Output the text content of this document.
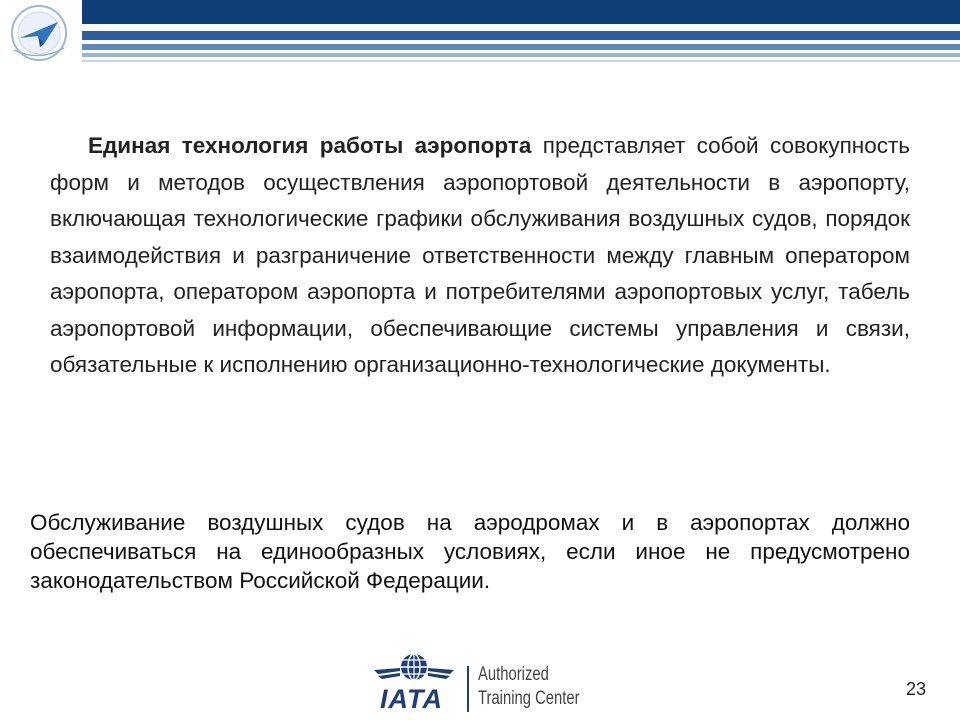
Единая технология работы аэропорта представляет собой совокупность форм и методов осуществления аэропортовой деятельности в аэропорту, включающая технологические графики обслуживания воздушных судов, порядок взаимодействия и разграничение ответственности между главным оператором аэропорта, оператором аэропорта и потребителями аэропортовых услуг, табель аэропортовой информации, обеспечивающие системы управления и связи, обязательные к исполнению организационно-технологические документы.

Обслуживание воздушных судов на аэродромах и в аэропортах должно обеспечиваться на единообразных условиях, если иное не предусмотрено законодательством Российской Федерации.

IATA
Authorized
Training Center	23
